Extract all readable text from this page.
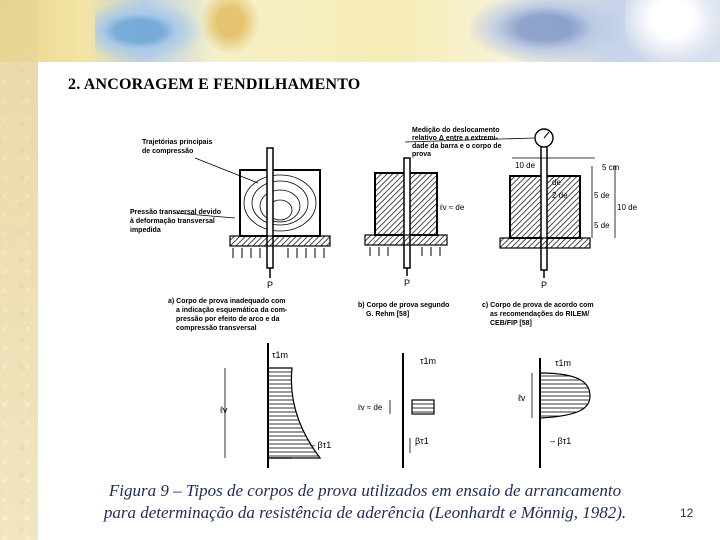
2. ANCORAGEM E FENDILHAMENTO
P
Trajetórias principais
de compressão
Pressão transversal devido
à deformação transversal
impedida
P
ℓv ≈ de
P
10 de	5 cm
de
2 de	5 de
10 de
5 de
Medição do deslocamento
relativo Δ entre a extremi-
dade da barra e o corpo de
prova
a) Corpo de prova inadequado com
a indicação esquemática da com-
pressão por efeito de arco e da
compressão transversal
b) Corpo de prova segundo
G. Rehm [58]
c) Corpo de prova de acordo com
as recomendações do RILEM/
CEB/FIP [58]
τ1m
ℓv
– βτ1
τ1m
ℓv ≈ de
βτ1
τ1m
ℓv
– βτ1
Figura 9 – Tipos de corpos de prova utilizados em ensaio de arrancamento
para determinação da resistência de aderência (Leonhardt e Mönnig, 1982).	12
